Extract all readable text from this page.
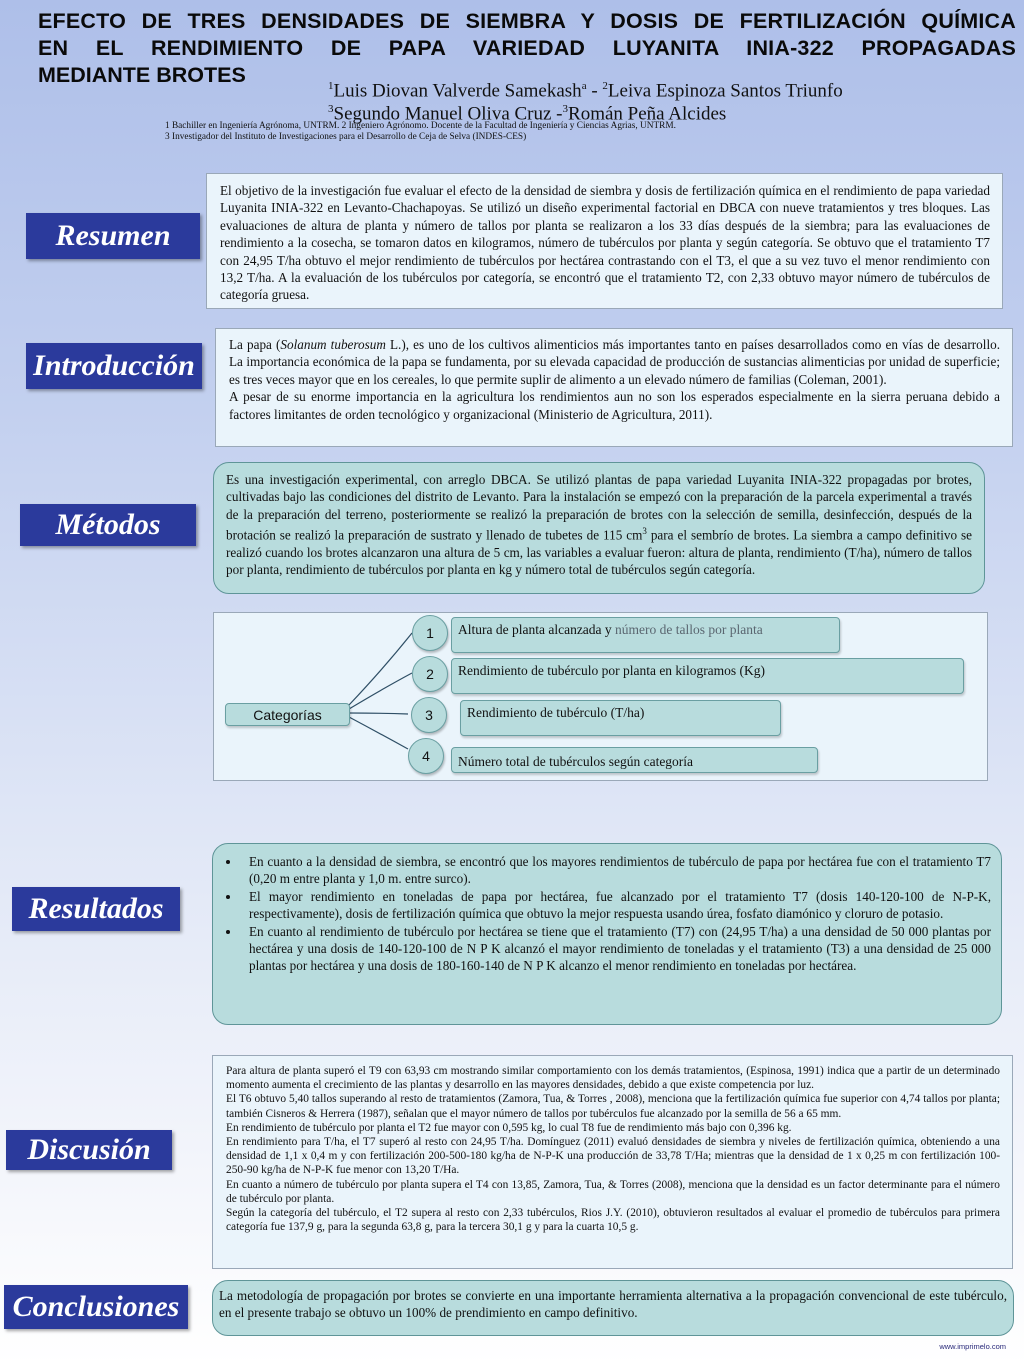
EFECTO DE TRES DENSIDADES DE SIEMBRA Y DOSIS DE FERTILIZACIÓN QUÍMICA
EN EL RENDIMIENTO DE PAPA VARIEDAD LUYANITA INIA-322 PROPAGADAS
MEDIANTE BROTES	$^1$Luis Diovan Valverde Samekash$^a$ - $^2$Leiva Espinoza Santos Triunfo
$^3$Segundo Manuel Oliva Cruz -$^3$Román Peña Alcides
1 Bachiller en Ingeniería Agrónoma, UNTRM. 2 Ingeniero Agrónomo. Docente de la Facultad de Ingeniería y Ciencias Agrias, UNTRM.
3 Investigador del Instituto de Investigaciones para el Desarrollo de Ceja de Selva (INDES-CES)
Resumen

El objetivo de la investigación fue evaluar el efecto de la densidad de siembra y dosis de fertilización química en el rendimiento de papa variedad Luyanita INIA-322 en Levanto-Chachapoyas. Se utilizó un diseño experimental factorial en DBCA con nueve tratamientos y tres bloques. Las evaluaciones de altura de planta y número de tallos por planta se realizaron a los 33 días después de la siembra; para las evaluaciones de rendimiento a la cosecha, se tomaron datos en kilogramos, número de tubérculos por planta y según categoría. Se obtuvo que el tratamiento T7 con 24,95 T/ha obtuvo el mejor rendimiento de tubérculos por hectárea contrastando con el T3, el que a su vez tuvo el menor rendimiento con 13,2 T/ha. A la evaluación de los tubérculos por categoría, se encontró que el tratamiento T2, con 2,33 obtuvo mayor número de tubérculos de categoría gruesa.

Introducción

La papa (Solanum tuberosum L.), es uno de los cultivos alimenticios más importantes tanto en países desarrollados como en vías de desarrollo. La importancia económica de la papa se fundamenta, por su elevada capacidad de producción de sustancias alimenticias por unidad de superficie; es tres veces mayor que en los cereales, lo que permite suplir de alimento a un elevado número de familias (Coleman, 2001).

A pesar de su enorme importancia en la agricultura los rendimientos aun no son los esperados especialmente en la sierra peruana debido a factores limitantes de orden tecnológico y organizacional (Ministerio de Agricultura, 2011).

Métodos

Es una investigación experimental, con arreglo DBCA. Se utilizó plantas de papa variedad Luyanita INIA-322 propagadas por brotes, cultivadas bajo las condiciones del distrito de Levanto. Para la instalación se empezó con la preparación de la parcela experimental a través de la preparación del terreno, posteriormente se realizó la preparación de brotes con la selección de semilla, desinfección, después de la brotación se realizó la preparación de sustrato y llenado de tubetes de 115 $cm^3$ para el sembrío de brotes. La siembra a campo definitivo se realizó cuando los brotes alcanzaron una altura de 5 cm, las variables a evaluar fueron: altura de planta, rendimiento (T/ha), número de tallos por planta, rendimiento de tubérculos por planta en kg y número total de tubérculos según categoría.

Categorías
1
2
3
4
Altura de planta alcanzada y número de tallos por planta
Rendimiento de tubérculo por planta en kilogramos (Kg)
Rendimiento de tubérculo (T/ha)
Número total de tubérculos según categoría
Resultados
• En cuanto a la densidad de siembra, se encontró que los mayores rendimientos de tubérculo de papa por hectárea fue con el tratamiento T7 (0,20 m entre planta y 1,0 m. entre surco).
• El mayor rendimiento en toneladas de papa por hectárea, fue alcanzado por el tratamiento T7 (dosis 140-120-100 de N-P-K, respectivamente), dosis de fertilización química que obtuvo la mejor respuesta usando úrea, fosfato diamónico y cloruro de potasio.
• En cuanto al rendimiento de tubérculo por hectárea se tiene que el tratamiento (T7) con (24,95 T/ha) a una densidad de 50 000 plantas por hectárea y una dosis de 140-120-100 de N P K alcanzó el mayor rendimiento de toneladas y el tratamiento (T3) a una densidad de 25 000 plantas por hectárea y una dosis de 180-160-140 de N P K alcanzo el menor rendimiento en toneladas por hectárea.
Discusión

Para altura de planta superó el T9 con 63,93 cm mostrando similar comportamiento con los demás tratamientos, (Espinosa, 1991) indica que a partir de un determinado momento aumenta el crecimiento de las plantas y desarrollo en las mayores densidades, debido a que existe competencia por luz.

El T6 obtuvo 5,40 tallos superando al resto de tratamientos (Zamora, Tua, & Torres , 2008), menciona que la fertilización química fue superior con 4,74 tallos por planta; también Cisneros & Herrera (1987), señalan que el mayor número de tallos por tubérculos fue alcanzado por la semilla de 56 a 65 mm.

En rendimiento de tubérculo por planta el T2 fue mayor con 0,595 kg, lo cual T8 fue de rendimiento más bajo con 0,396 kg.

En rendimiento para T/ha, el T7 superó al resto con 24,95 T/ha. Domínguez (2011) evaluó densidades de siembra y niveles de fertilización química, obteniendo a una densidad de 1,1 x 0,4 m y con fertilización 200-500-180 kg/ha de N-P-K una producción de 33,78 T/Ha; mientras que la densidad de 1 x 0,25 m con fertilización 100-250-90 kg/ha de N-P-K fue menor con 13,20 T/Ha.

En cuanto a número de tubérculo por planta supera el T4 con 13,85, Zamora, Tua, & Torres (2008), menciona que la densidad es un factor determinante para el número de tubérculo por planta.

Según la categoría del tubérculo, el T2 supera al resto con 2,33 tubérculos, Rios J.Y. (2010), obtuvieron resultados al evaluar el promedio de tubérculos para primera categoría fue 137,9 g, para la segunda 63,8 g, para la tercera 30,1 g y para la cuarta 10,5 g.

Conclusiones	La metodología de propagación por brotes se convierte en una importante herramienta alternativa a la propagación convencional de este tubérculo, en el presente trabajo se obtuvo un 100% de prendimiento en campo definitivo.

www.imprimelo.com
